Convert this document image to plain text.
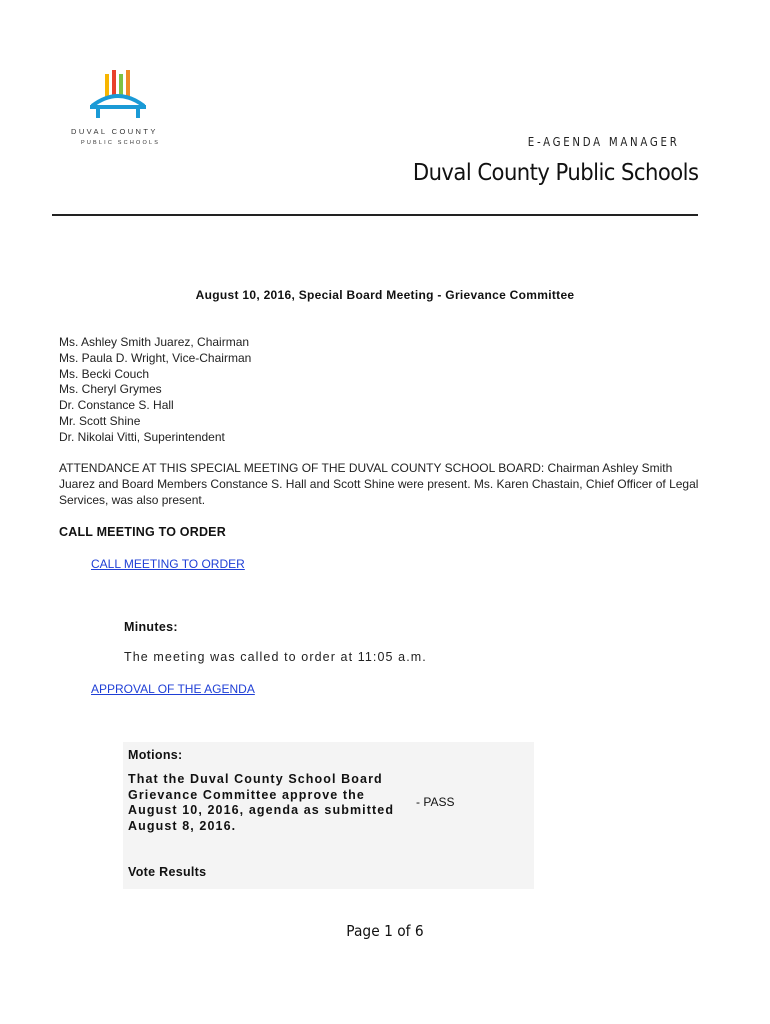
DUVAL COUNTY
PUBLIC SCHOOLS	E-AGENDA MANAGER
Duval County Public Schools
August 10, 2016, Special Board Meeting - Grievance Committee
Ms. Ashley Smith Juarez, Chairman
Ms. Paula D. Wright, Vice-Chairman
Ms. Becki Couch
Ms. Cheryl Grymes
Dr. Constance S. Hall
Mr. Scott Shine
Dr. Nikolai Vitti, Superintendent
ATTENDANCE AT THIS SPECIAL MEETING OF THE DUVAL COUNTY SCHOOL BOARD: Chairman Ashley Smith Juarez and Board Members Constance S. Hall and Scott Shine were present. Ms. Karen Chastain, Chief Officer of Legal Services, was also present.
CALL MEETING TO ORDER
CALL MEETING TO ORDER
Minutes:
The meeting was called to order at 11:05 a.m.
APPROVAL OF THE AGENDA
Motions:
That the Duval County School Board Grievance Committee approve the August 10, 2016, agenda as submitted August 8, 2016.
- PASS
Vote Results
Page 1 of 6
